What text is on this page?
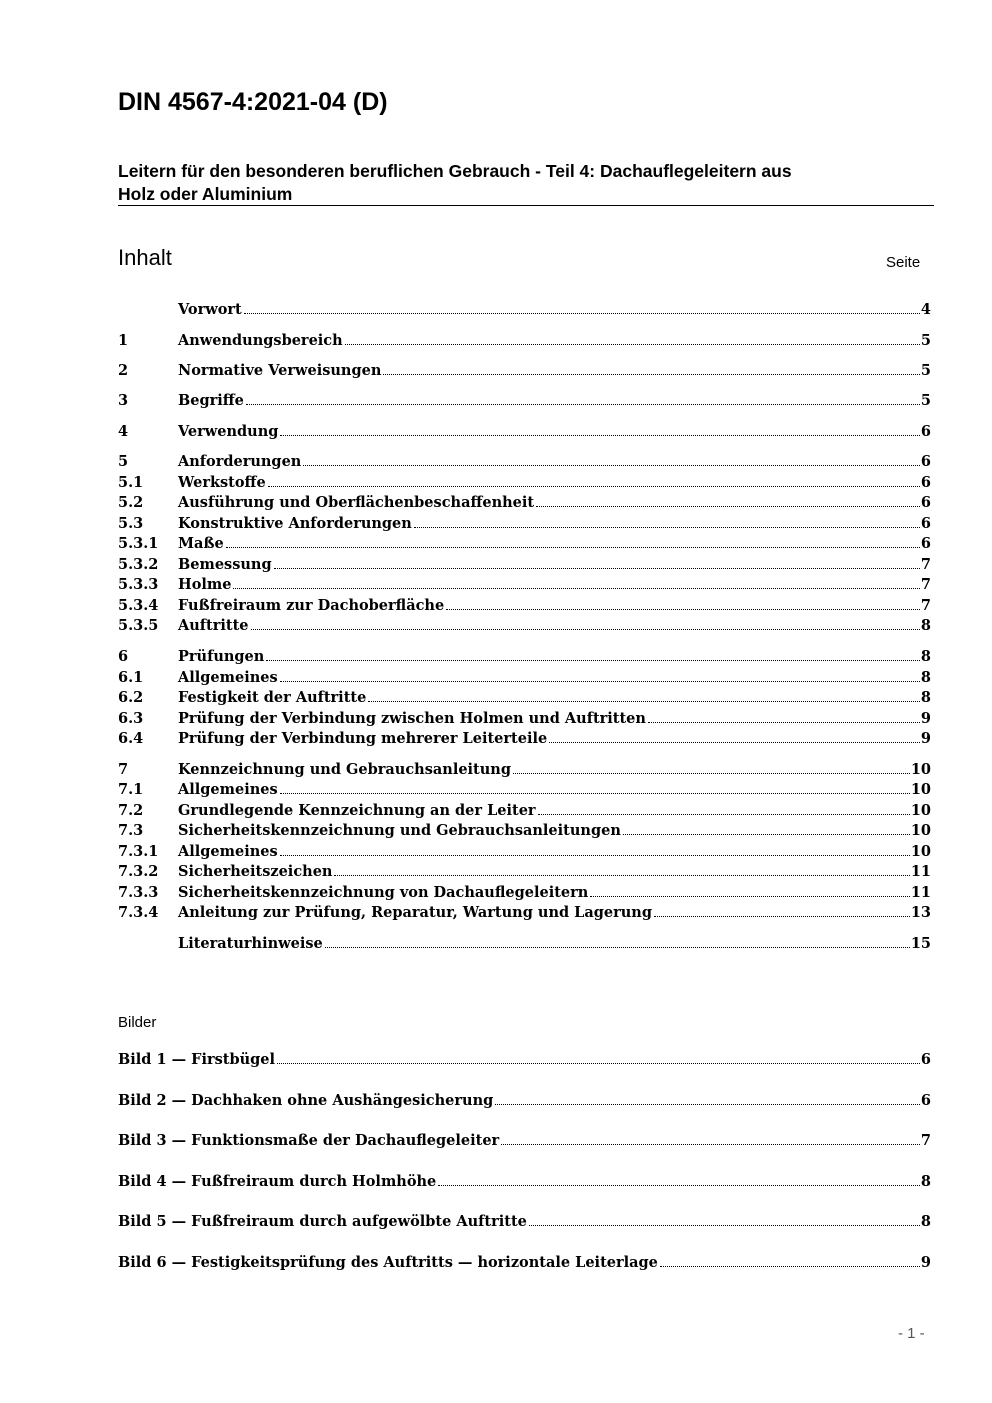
DIN 4567-4:2021-04 (D)
Leitern für den besonderen beruflichen Gebrauch - Teil 4: Dachauflegeleitern aus
Holz oder Aluminium
Inhalt	Seite
Vorwort	4
1	Anwendungsbereich	5
2	Normative Verweisungen	5
3	Begriffe	5
4	Verwendung	6
5	Anforderungen	6
5.1	Werkstoffe	6
5.2	Ausführung und Oberflächenbeschaffenheit	6
5.3	Konstruktive Anforderungen	6
5.3.1	Maße	6
5.3.2	Bemessung	7
5.3.3	Holme	7
5.3.4	Fußfreiraum zur Dachoberfläche	7
5.3.5	Auftritte	8
6	Prüfungen	8
6.1	Allgemeines	8
6.2	Festigkeit der Auftritte	8
6.3	Prüfung der Verbindung zwischen Holmen und Auftritten	9
6.4	Prüfung der Verbindung mehrerer Leiterteile	9
7	Kennzeichnung und Gebrauchsanleitung	10
7.1	Allgemeines	10
7.2	Grundlegende Kennzeichnung an der Leiter	10
7.3	Sicherheitskennzeichnung und Gebrauchsanleitungen	10
7.3.1	Allgemeines	10
7.3.2	Sicherheitszeichen	11
7.3.3	Sicherheitskennzeichnung von Dachauflegeleitern	11
7.3.4	Anleitung zur Prüfung, Reparatur, Wartung und Lagerung	13
Literaturhinweise	15
Bilder
Bild 1 — Firstbügel	6
Bild 2 — Dachhaken ohne Aushängesicherung	6
Bild 3 — Funktionsmaße der Dachauflegeleiter	7
Bild 4 — Fußfreiraum durch Holmhöhe	8
Bild 5 — Fußfreiraum durch aufgewölbte Auftritte	8
Bild 6 — Festigkeitsprüfung des Auftritts — horizontale Leiterlage	9
- 1 -
